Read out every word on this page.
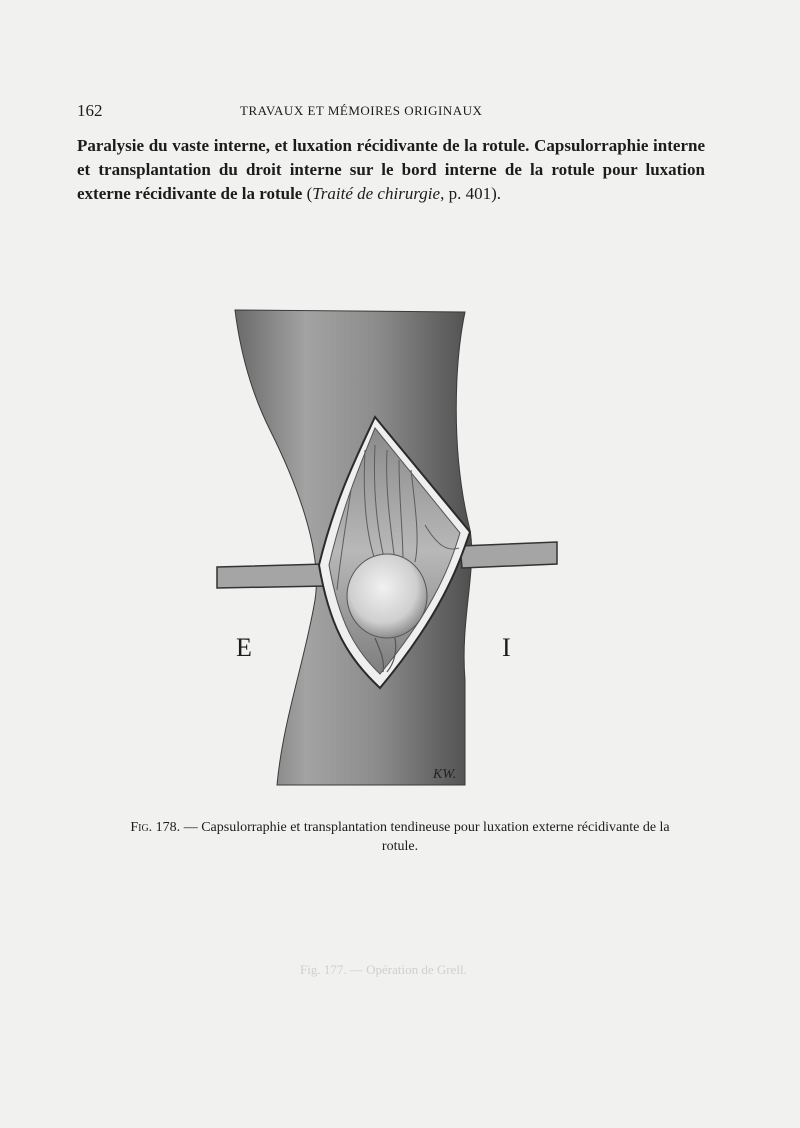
162	TRAVAUX ET MÉMOIRES ORIGINAUX
Paralysie du vaste interne, et luxation récidivante de la rotule. Capsulorraphie interne et transplantation du droit interne sur le bord interne de la rotule pour luxation externe récidivante de la rotule (Traité de chirurgie, p. 401).
KW.
E	I
Fig. 178. — Capsulorraphie et transplantation tendineuse pour luxation externe récidivante de la rotule.
Fig. 177. — Opération de Grell.
